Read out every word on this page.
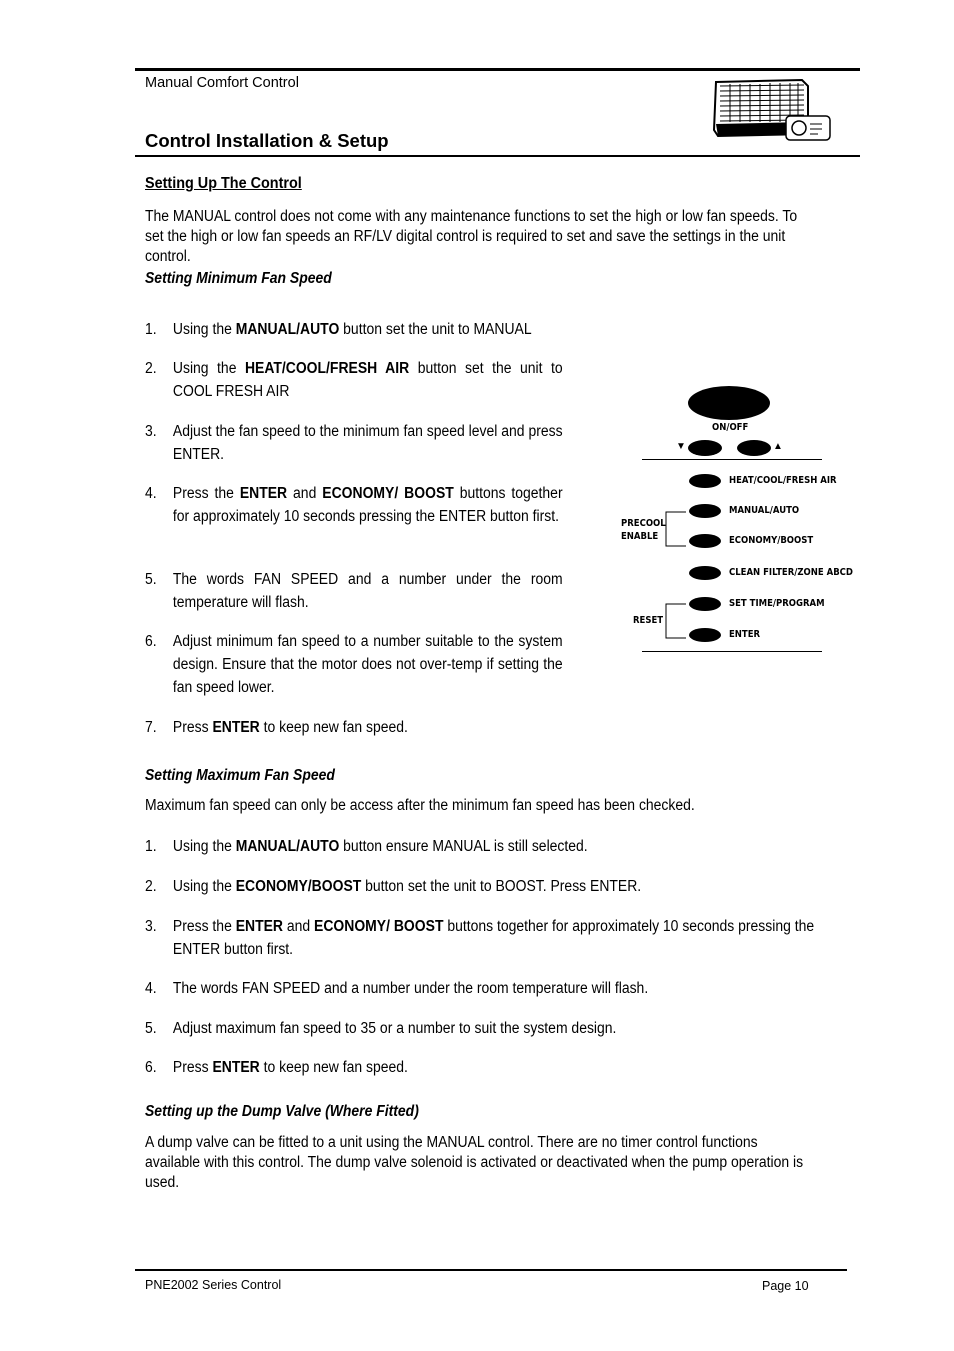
Manual Comfort Control
Control Installation & Setup
Setting Up The Control
The MANUAL control does not come with any maintenance functions to set the high or low fan speeds. To set the high or low fan speeds an RF/LV digital control is required to set and save the settings in the unit control.
Setting Minimum Fan Speed
1.	Using the MANUAL/AUTO button set the unit to MANUAL
2.	Using the HEAT/COOL/FRESH AIR button set the unit to COOL FRESH AIR
3.	Adjust the fan speed to the minimum fan speed level and press ENTER.
4.	Press the ENTER and ECONOMY/ BOOST buttons together for approximately 10 seconds pressing the ENTER button first.
5.	The words FAN SPEED and a number under the room temperature will flash.
6.	Adjust minimum fan speed to a number suitable to the system design. Ensure that the motor does not over-temp if setting the fan speed lower.
7.	Press ENTER to keep new fan speed.
ON/OFF
▼	▲
HEAT/COOL/FRESH AIR
MANUAL/AUTO
ECONOMY/BOOST
CLEAN FILTER/ZONE ABCD
SET TIME/PROGRAM
ENTER
PRECOOL
ENABLE
RESET
Setting Maximum Fan Speed
Maximum fan speed can only be access after the minimum fan speed has been checked.
1.	Using the MANUAL/AUTO button ensure MANUAL is still selected.
2.	Using the ECONOMY/BOOST button set the unit to BOOST. Press ENTER.
3.	Press the ENTER and ECONOMY/ BOOST buttons together for approximately 10 seconds pressing the ENTER button first.
4.	The words FAN SPEED and a number under the room temperature will flash.
5.	Adjust maximum fan speed to 35 or a number to suit the system design.
6.	Press ENTER to keep new fan speed.
Setting up the Dump Valve (Where Fitted)
A dump valve can be fitted to a unit using the MANUAL control. There are no timer control functions available with this control. The dump valve solenoid is activated or deactivated when the pump operation is used.
PNE2002 Series Control	Page 10
